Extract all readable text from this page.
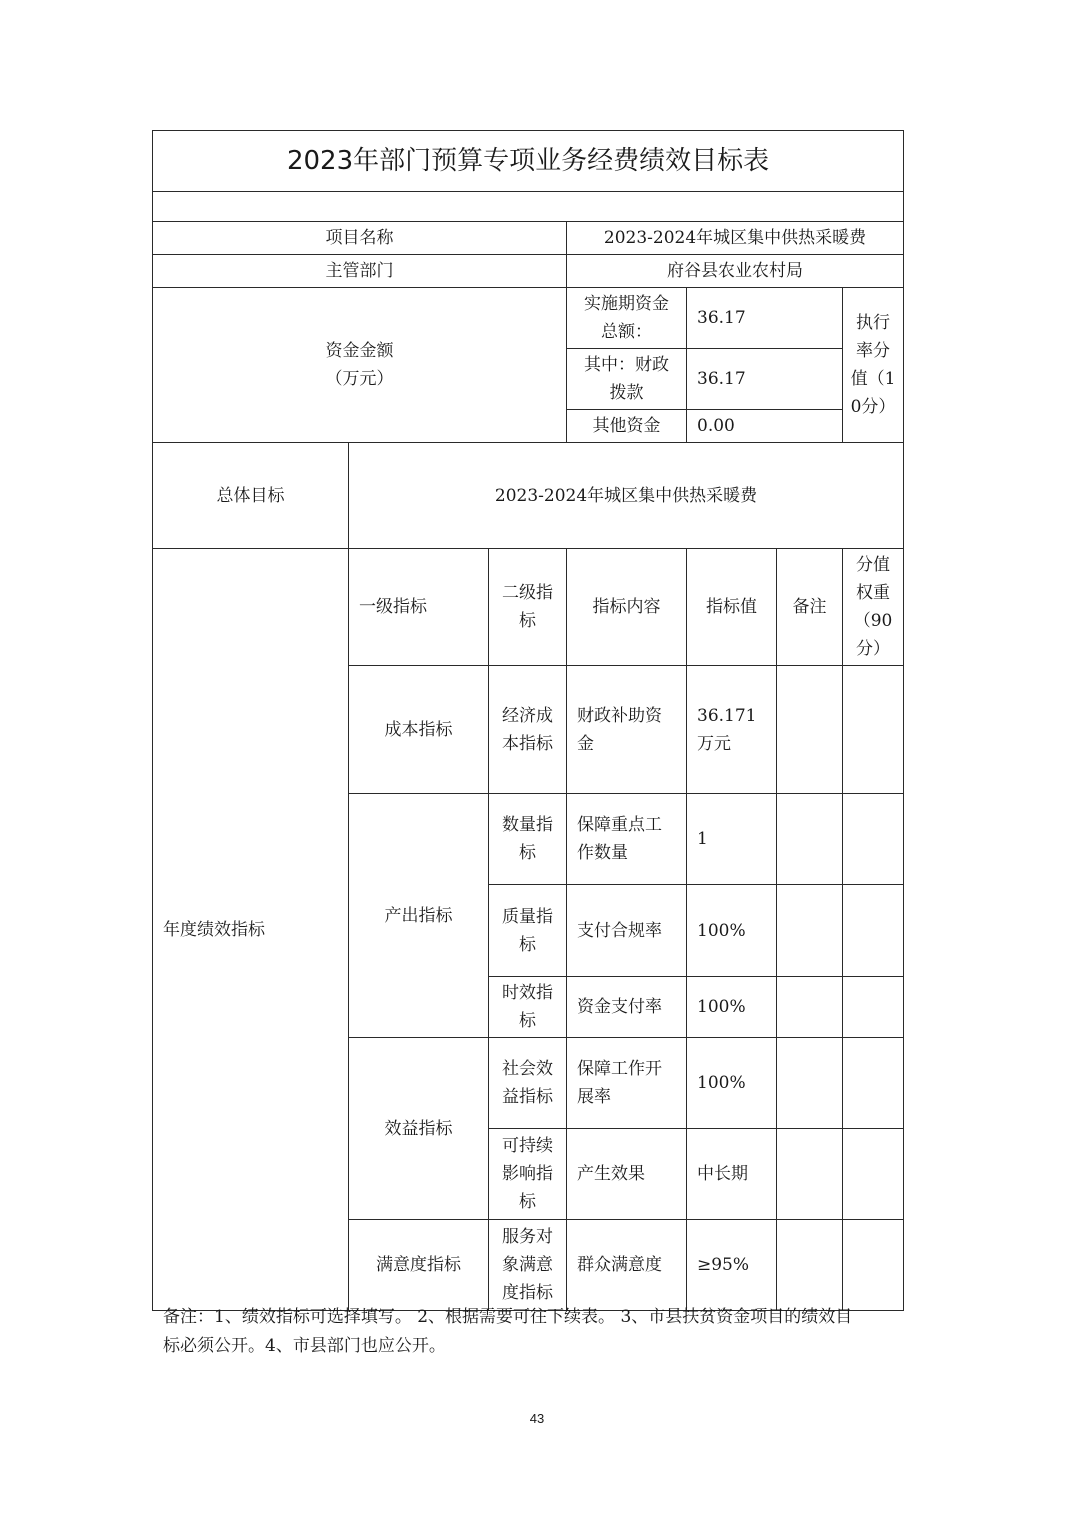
2023年部门预算专项业务经费绩效目标表						

项目名称			2023-2024年城区集中供热采暖费			
主管部门			府谷县农业农村局			

资金金额
（万元）			实施期资金总额：	36.17		执行率分值（10分）
			其中：财政拨款	36.17		
			其他资金	0.00		
总体目标	2023-2024年城区集中供热采暖费					
年度绩效指标	一级指标	二级指标	指标内容	指标值	备注	分值权重（90分）
	成本指标	经济成本指标	财政补助资金	36.171万元		
	产出指标	数量指标	保障重点工作数量	1		
		质量指标	支付合规率	100%		
		时效指标	资金支付率	100%		
	效益指标	社会效益指标	保障工作开展率	100%		
		可持续影响指标	产生效果	中长期		
	满意度指标	服务对象满意度指标	群众满意度	≥95%		

备注：1、绩效指标可选择填写。 2、根据需要可往下续表。 3、市县扶贫资金项目的绩效目标必须公开。4、市县部门也应公开。

43
